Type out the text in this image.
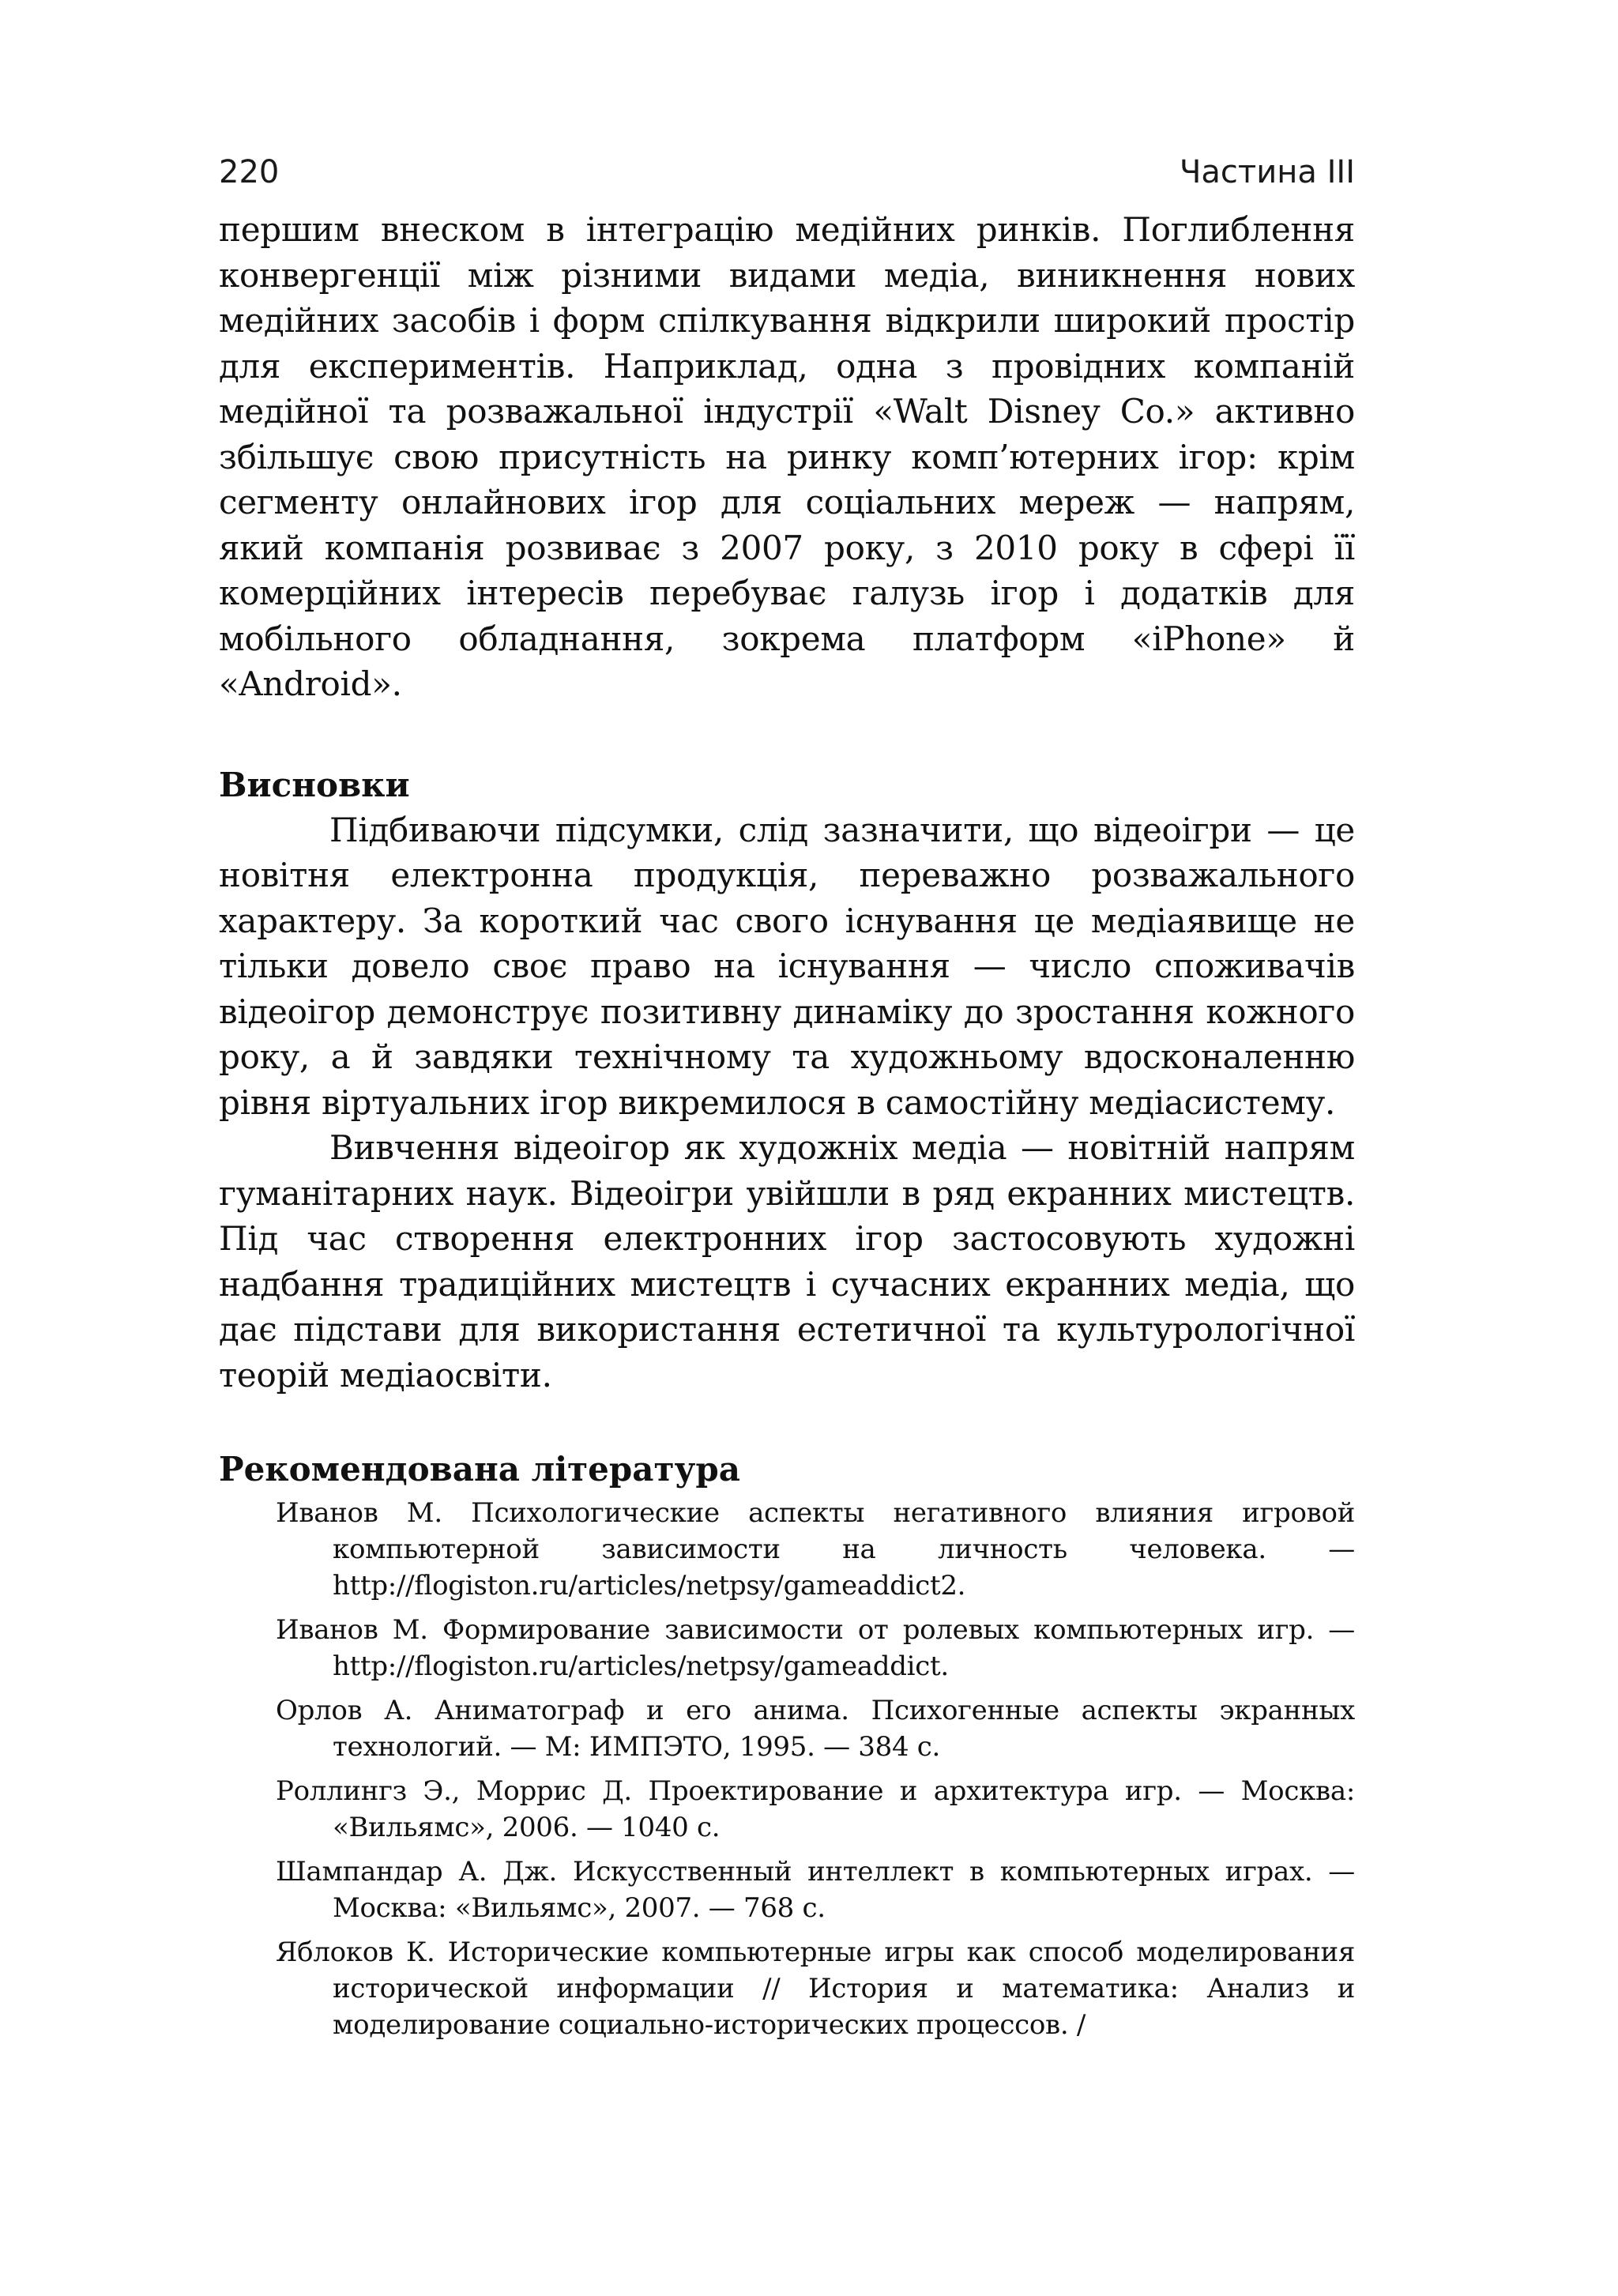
220	Частина III

першим внеском в інтеграцію медійних ринків. Поглиблення конвергенції між різними видами медіа, виникнення нових медійних засобів і форм спілкування відкрили широкий простір для експериментів. Наприклад, одна з провідних компаній медійної та розважальної індустрії «Walt Disney Co.» активно збільшує свою присутність на ринку комп’ютерних ігор: крім сегменту онлайнових ігор для соціальних мереж — напрям, який компанія розвиває з 2007 року, з 2010 року в сфері її комерційних інтересів перебуває галузь ігор і додатків для мобільного обладнання, зокрема платформ «iPhone» й «Android».

Висновки

Підбиваючи підсумки, слід зазначити, що відеоігри — це новітня електронна продукція, переважно розважального характеру. За короткий час свого існування це медіаявище не тільки довело своє право на існування — число споживачів відеоігор демонструє позитивну динаміку до зростання кожного року, а й завдяки технічному та художньому вдосконаленню рівня віртуальних ігор викремилося в самостійну медіасистему.

Вивчення відеоігор як художніх медіа — новітній напрям гуманітарних наук. Відеоігри увійшли в ряд екранних мистецтв. Під час створення електронних ігор застосовують художні надбання традиційних мистецтв і сучасних екранних медіа, що дає підстави для використання естетичної та культурологічної теорій медіаосвіти.

Рекомендована література
Иванов М. Психологические аспекты негативного влияния игровой компьютерной зависимости на личность человека. — http://flogiston.ru/articles/netpsy/gameaddict2.
Иванов М. Формирование зависимости от ролевых компьютерных игр. — http://flogiston.ru/articles/netpsy/gameaddict.
Орлов А. Аниматограф и его анима. Психогенные аспекты экранных технологий. — М: ИМПЭТО, 1995. — 384 с.
Роллингз Э., Моррис Д. Проектирование и архитектура игр. — Москва: «Вильямс», 2006. — 1040 с.
Шампандар А. Дж. Искусственный интеллект в компьютерных играх. — Москва: «Вильямс», 2007. — 768 с.
Яблоков К. Исторические компьютерные игры как способ моделирования исторической информации // История и математика: Анализ и моделирование социально-исторических процессов. /
